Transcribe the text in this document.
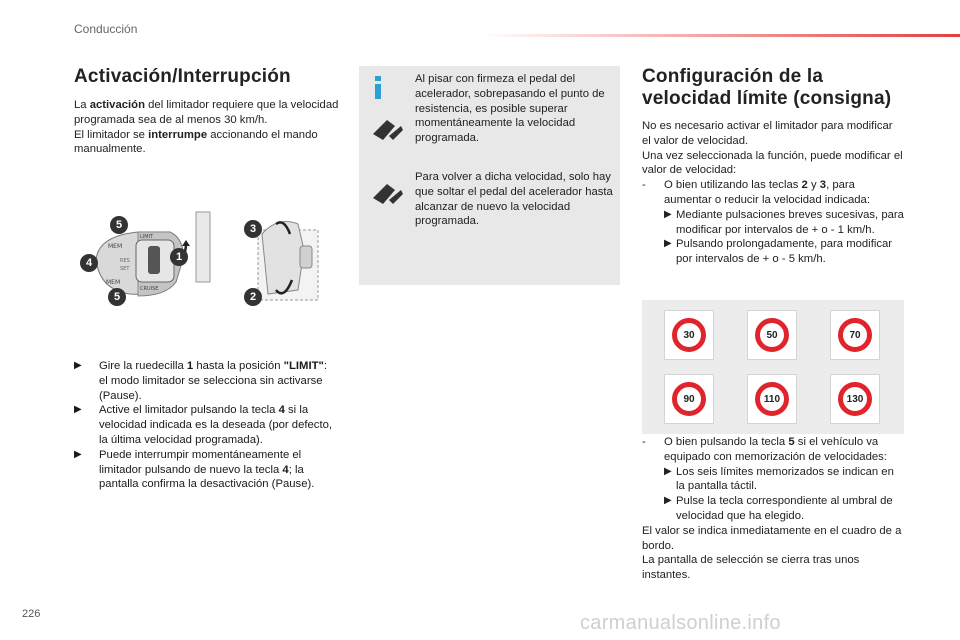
Conducción
Activación/Interrupción
La activación del limitador requiere que la velocidad programada sea de al menos 30 km/h.
El limitador se interrumpe accionando el mando manualmente.
MEM
MEM
RES
SET
LIMIT
CRUISE
5
4
5
1
3
2
▶	Gire la ruedecilla 1 hasta la posición "LIMIT": el modo limitador se selecciona sin activarse (Pause).
▶	Active el limitador pulsando la tecla 4 si la velocidad indicada es la deseada (por defecto, la última velocidad programada).
▶	Puede interrumpir momentáneamente el limitador pulsando de nuevo la tecla 4; la pantalla confirma la desactivación (Pause).
Al pisar con firmeza el pedal del acelerador, sobrepasando el punto de resistencia, es posible superar momentáneamente la velocidad programada.
Para volver a dicha velocidad, solo hay que soltar el pedal del acelerador hasta alcanzar de nuevo la velocidad programada.
Configuración de la
velocidad límite (consigna)
No es necesario activar el limitador para modificar el valor de velocidad.
Una vez seleccionada la función, puede modificar el valor de velocidad:
-	O bien utilizando las teclas 2 y 3, para aumentar o reducir la velocidad indicada:
▶ Mediante pulsaciones breves sucesivas, para modificar por intervalos de + o - 1 km/h.
▶ Pulsando prolongadamente, para modificar por intervalos de + o - 5 km/h.
30	50	70
90	110	130
-	O bien pulsando la tecla 5 si el vehículo va equipado con memorización de velocidades:
▶ Los seis límites memorizados se indican en la pantalla táctil.
▶ Pulse la tecla correspondiente al umbral de velocidad que ha elegido.
El valor se indica inmediatamente en el cuadro de a bordo.
La pantalla de selección se cierra tras unos instantes.
226	carmanualsonline.info
